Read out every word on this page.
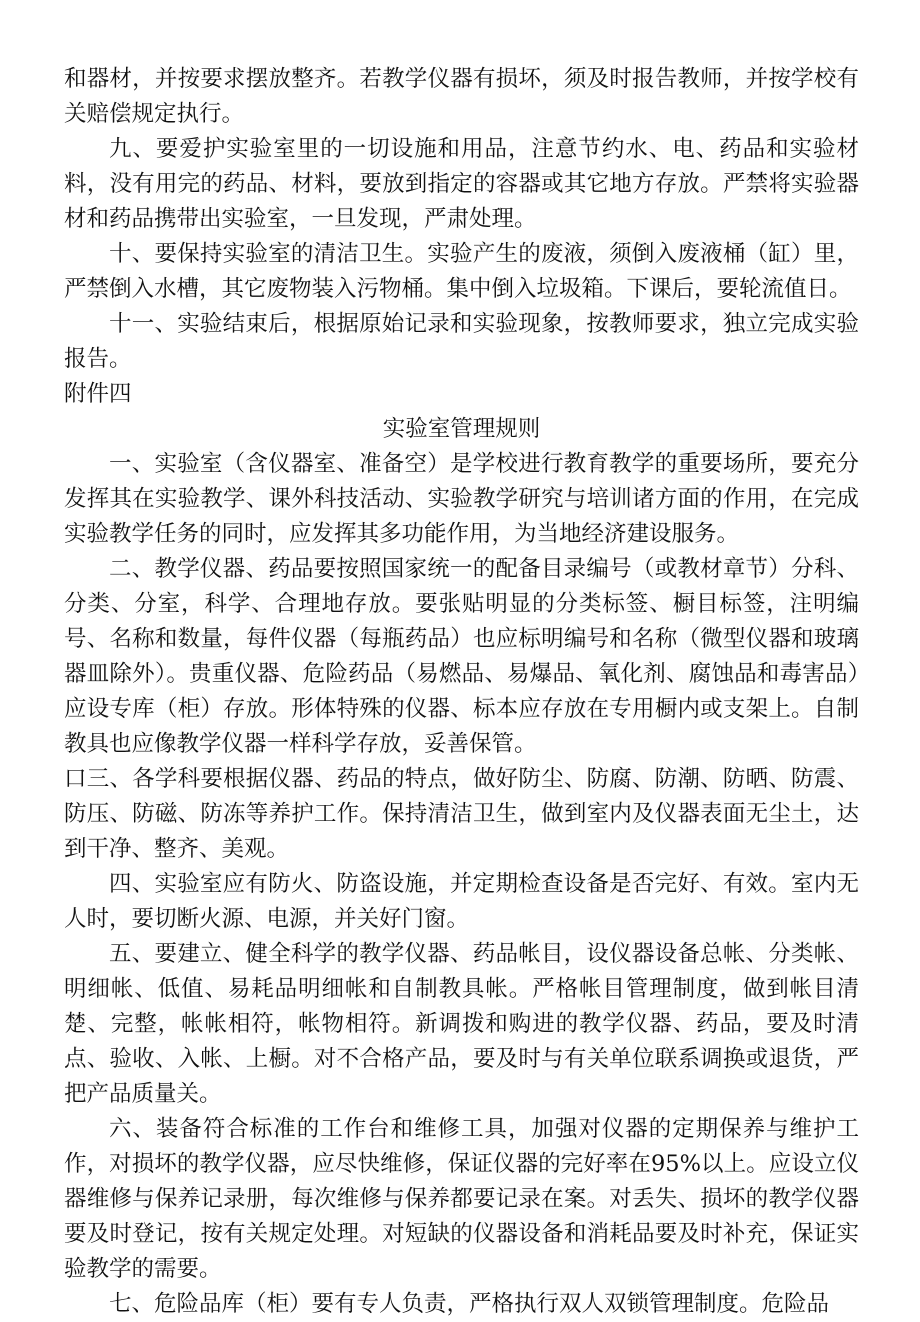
和器材，并按要求摆放整齐。若教学仪器有损坏，须及时报告教师，并按学校有关赔偿规定执行。

九、要爱护实验室里的一切设施和用品，注意节约水、电、药品和实验材料，没有用完的药品、材料，要放到指定的容器或其它地方存放。严禁将实验器材和药品携带出实验室，一旦发现，严肃处理。

十、要保持实验室的清洁卫生。实验产生的废液，须倒入废液桶（缸）里，严禁倒入水槽，其它废物装入污物桶。集中倒入垃圾箱。下课后，要轮流值日。

十一、实验结束后，根据原始记录和实验现象，按教师要求，独立完成实验报告。

附件四

实验室管理规则

一、实验室（含仪器室、准备空）是学校进行教育教学的重要场所，要充分发挥其在实验教学、课外科技活动、实验教学研究与培训诸方面的作用，在完成实验教学任务的同时，应发挥其多功能作用，为当地经济建设服务。

二、教学仪器、药品要按照国家统一的配备目录编号（或教材章节）分科、分类、分室，科学、合理地存放。要张贴明显的分类标签、橱目标签，注明编号、名称和数量，每件仪器（每瓶药品）也应标明编号和名称（微型仪器和玻璃器皿除外）。贵重仪器、危险药品（易燃品、易爆品、氧化剂、腐蚀品和毒害品）应设专库（柜）存放。形体特殊的仪器、标本应存放在专用橱内或支架上。自制教具也应像教学仪器一样科学存放，妥善保管。

口三、各学科要根据仪器、药品的特点，做好防尘、防腐、防潮、防晒、防震、防压、防磁、防冻等养护工作。保持清洁卫生，做到室内及仪器表面无尘土，达到干净、整齐、美观。

四、实验室应有防火、防盗设施，并定期检查设备是否完好、有效。室内无人时，要切断火源、电源，并关好门窗。

五、要建立、健全科学的教学仪器、药品帐目，设仪器设备总帐、分类帐、明细帐、低值、易耗品明细帐和自制教具帐。严格帐目管理制度，做到帐目清楚、完整，帐帐相符，帐物相符。新调拨和购进的教学仪器、药品，要及时清点、验收、入帐、上橱。对不合格产品，要及时与有关单位联系调换或退货，严把产品质量关。

六、装备符合标准的工作台和维修工具，加强对仪器的定期保养与维护工作，对损坏的教学仪器，应尽快维修，保证仪器的完好率在95%以上。应设立仪器维修与保养记录册，每次维修与保养都要记录在案。对丢失、损坏的教学仪器要及时登记，按有关规定处理。对短缺的仪器设备和消耗品要及时补充，保证实验教学的需要。

七、危险品库（柜）要有专人负责，严格执行双人双锁管理制度。危险品
